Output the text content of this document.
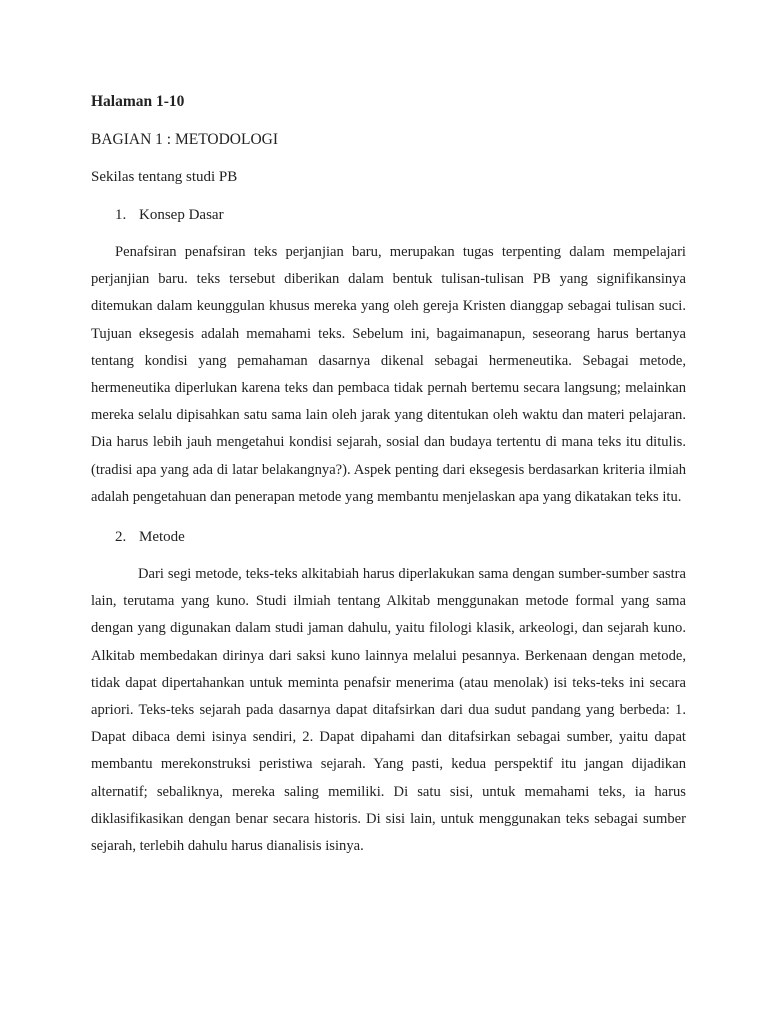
Halaman 1-10
BAGIAN 1 : METODOLOGI
Sekilas tentang studi PB
1. Konsep Dasar

Penafsiran penafsiran teks perjanjian baru, merupakan tugas terpenting dalam mempelajari perjanjian baru. teks tersebut diberikan dalam bentuk tulisan-tulisan PB yang signifikansinya ditemukan dalam keunggulan khusus mereka yang oleh gereja Kristen dianggap sebagai tulisan suci. Tujuan eksegesis adalah memahami teks. Sebelum ini, bagaimanapun, seseorang harus bertanya tentang kondisi yang pemahaman dasarnya dikenal sebagai hermeneutika. Sebagai metode, hermeneutika diperlukan karena teks dan pembaca tidak pernah bertemu secara langsung; melainkan mereka selalu dipisahkan satu sama lain oleh jarak yang ditentukan oleh waktu dan materi pelajaran. Dia harus lebih jauh mengetahui kondisi sejarah, sosial dan budaya tertentu di mana teks itu ditulis. (tradisi apa yang ada di latar belakangnya?). Aspek penting dari eksegesis berdasarkan kriteria ilmiah adalah pengetahuan dan penerapan metode yang membantu menjelaskan apa yang dikatakan teks itu.

2. Metode

Dari segi metode, teks-teks alkitabiah harus diperlakukan sama dengan sumber-sumber sastra lain, terutama yang kuno. Studi ilmiah tentang Alkitab menggunakan metode formal yang sama dengan yang digunakan dalam studi jaman dahulu, yaitu filologi klasik, arkeologi, dan sejarah kuno. Alkitab membedakan dirinya dari saksi kuno lainnya melalui pesannya. Berkenaan dengan metode, tidak dapat dipertahankan untuk meminta penafsir menerima (atau menolak) isi teks-teks ini secara apriori. Teks-teks sejarah pada dasarnya dapat ditafsirkan dari dua sudut pandang yang berbeda: 1. Dapat dibaca demi isinya sendiri, 2. Dapat dipahami dan ditafsirkan sebagai sumber, yaitu dapat membantu merekonstruksi peristiwa sejarah. Yang pasti, kedua perspektif itu jangan dijadikan alternatif; sebaliknya, mereka saling memiliki. Di satu sisi, untuk memahami teks, ia harus diklasifikasikan dengan benar secara historis. Di sisi lain, untuk menggunakan teks sebagai sumber sejarah, terlebih dahulu harus dianalisis isinya.
